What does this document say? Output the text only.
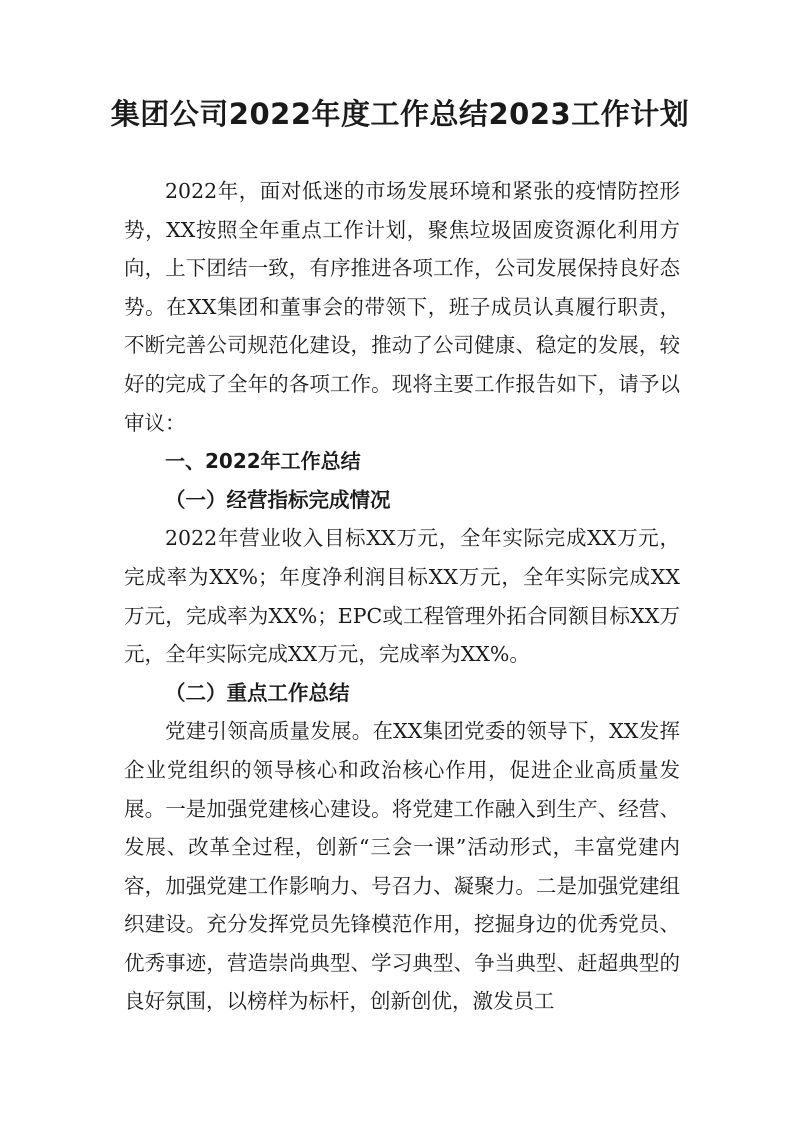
集团公司2022年度工作总结2023工作计划

2022年，面对低迷的市场发展环境和紧张的疫情防控形势，XX按照全年重点工作计划，聚焦垃圾固废资源化利用方向，上下团结一致，有序推进各项工作，公司发展保持良好态势。在XX集团和董事会的带领下，班子成员认真履行职责，不断完善公司规范化建设，推动了公司健康、稳定的发展，较好的完成了全年的各项工作。现将主要工作报告如下，请予以审议：

一、2022年工作总结

（一）经营指标完成情况

2022年营业收入目标XX万元，全年实际完成XX万元，完成率为XX%；年度净利润目标XX万元，全年实际完成XX万元，完成率为XX%；EPC或工程管理外拓合同额目标XX万元，全年实际完成XX万元，完成率为XX%。

（二）重点工作总结

党建引领高质量发展。在XX集团党委的领导下，XX发挥企业党组织的领导核心和政治核心作用，促进企业高质量发展。一是加强党建核心建设。将党建工作融入到生产、经营、发展、改革全过程，创新“三会一课”活动形式，丰富党建内容，加强党建工作影响力、号召力、凝聚力。二是加强党建组织建设。充分发挥党员先锋模范作用，挖掘身边的优秀党员、优秀事迹，营造崇尚典型、学习典型、争当典型、赶超典型的良好氛围，以榜样为标杆，创新创优，激发员工
